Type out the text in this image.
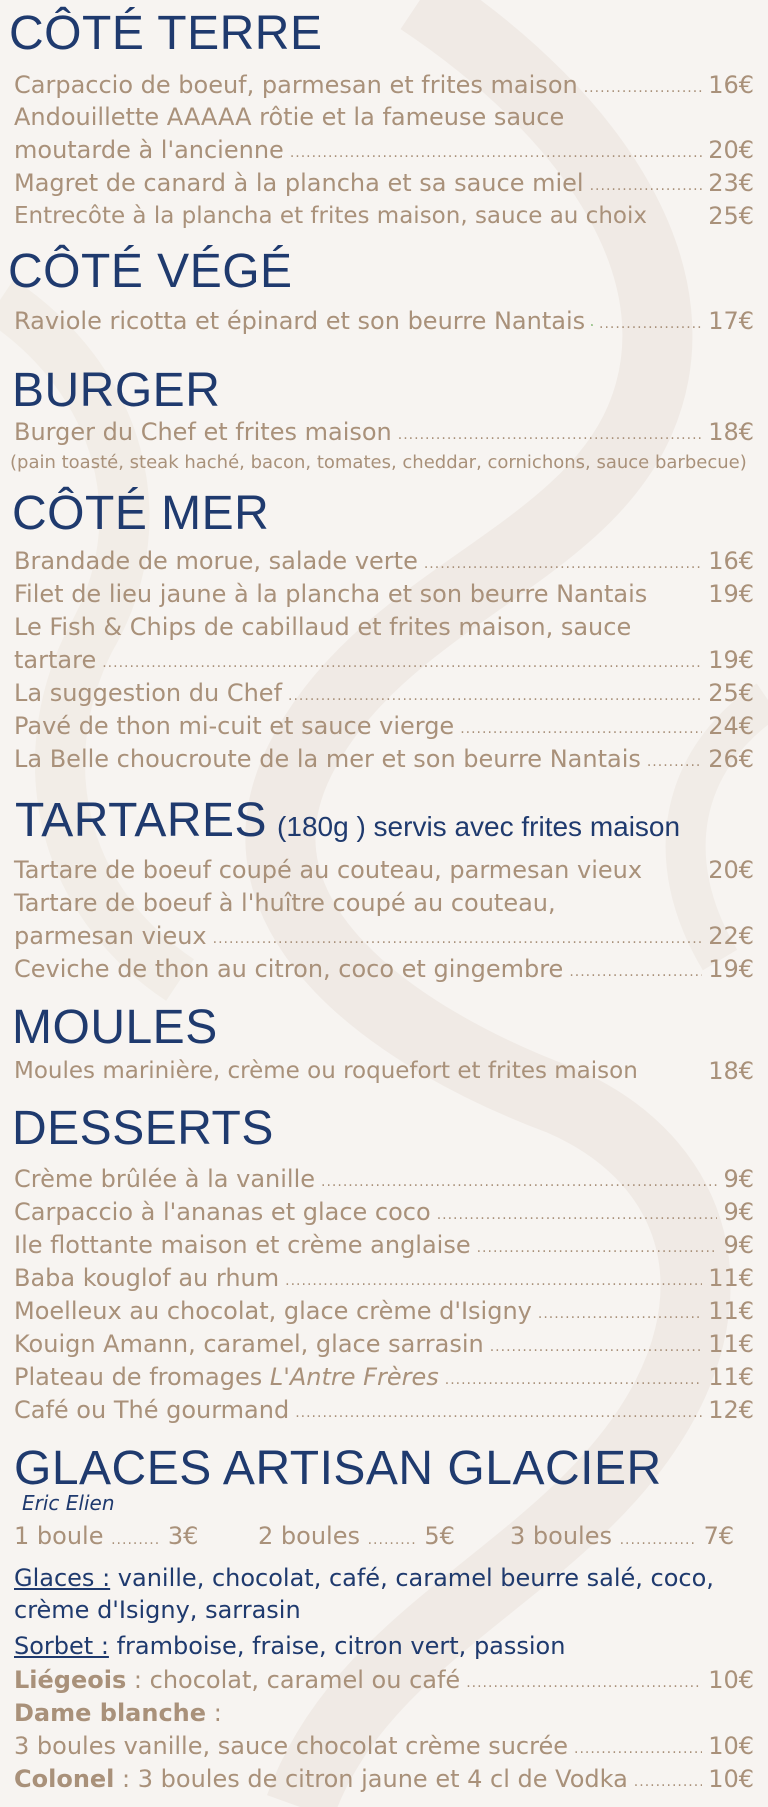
CÔTÉ TERRE
Carpaccio de boeuf, parmesan et frites maison .....	16€
Andouillette AAAAA rôtie et la fameuse sauce
moutarde à l'ancienne .....	20€
Magret de canard à la plancha et sa sauce miel .....	23€
Entrecôte à la plancha et frites maison, sauce au choix	25€
CÔTÉ VÉGÉ
Raviole ricotta et épinard et son beurre Nantais .....	17€
BURGER
Burger du Chef et frites maison .....	18€
(pain toasté, steak haché, bacon, tomates, cheddar, cornichons, sauce barbecue)
CÔTÉ MER
Brandade de morue, salade verte .....	16€
Filet de lieu jaune à la plancha et son beurre Nantais	19€
Le Fish & Chips de cabillaud et frites maison, sauce
tartare .....	19€
La suggestion du Chef .....	25€
Pavé de thon mi-cuit et sauce vierge .....	24€
La Belle choucroute de la mer et son beurre Nantais .....	26€
TARTARES (180g ) servis avec frites maison
Tartare de boeuf coupé au couteau, parmesan vieux	20€
Tartare de boeuf à l'huître coupé au couteau,
parmesan vieux .....	22€
Ceviche de thon au citron, coco et gingembre .....	19€
MOULES
Moules marinière, crème ou roquefort et frites maison	18€
DESSERTS
Crème brûlée à la vanille .....	9€
Carpaccio à l'ananas et glace coco .....	9€
Ile flottante maison et crème anglaise .....	9€
Baba kouglof au rhum .....	11€
Moelleux au chocolat, glace crème d'Isigny .....	11€
Kouign Amann, caramel, glace sarrasin .....	11€
Plateau de fromages L'Antre Frères .....	11€
Café ou Thé gourmand .....	12€
GLACES ARTISAN GLACIER
Eric Elien
1 boule ......... 3€ 2 boules ......... 5€ 3 boules .............. 7€
Glaces : vanille, chocolat, café, caramel beurre salé, coco,
crème d'Isigny, sarrasin
Sorbet : framboise, fraise, citron vert, passion
Liégeois : chocolat, caramel ou café .....	10€
Dame blanche :
3 boules vanille, sauce chocolat crème sucrée .....	10€
Colonel : 3 boules de citron jaune et 4 cl de Vodka .....	10€
